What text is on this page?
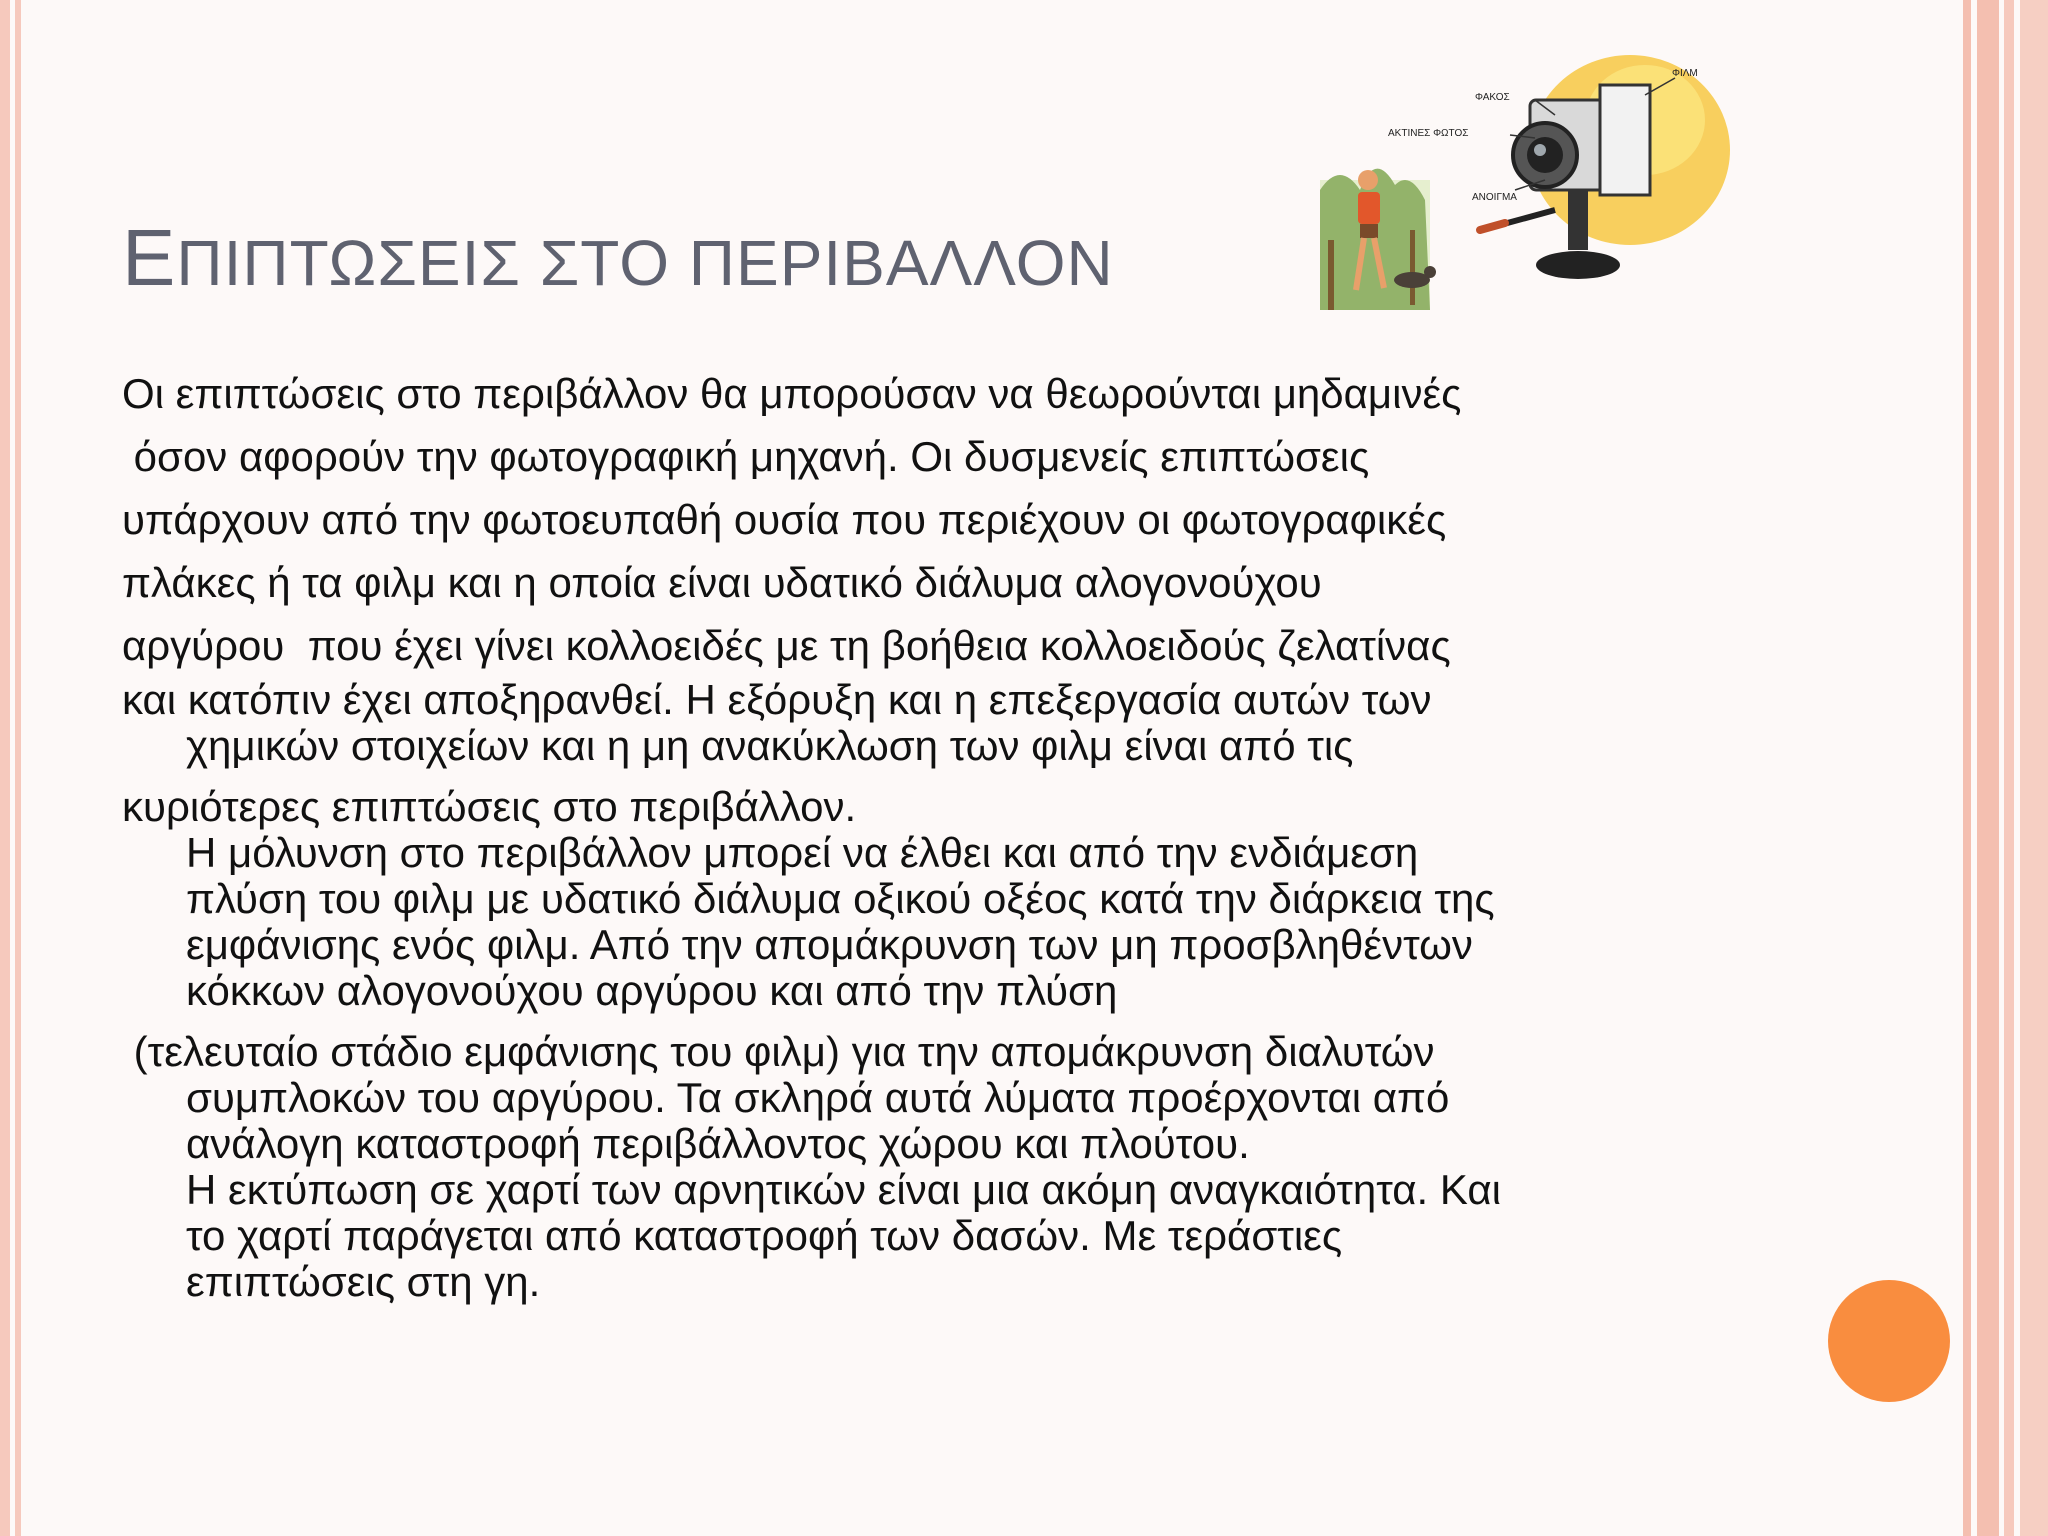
ΕΠΙΠΤΩΣΕΙΣ ΣΤΟ ΠΕΡΙΒΑΛΛΟΝ
ΦΑΚΟΣ
ΦΙΛΜ
ΑΚΤΙΝΕΣ ΦΩΤΟΣ
ΑΝΟΙΓΜΑ

Οι επιπτώσεις στο περιβάλλον θα μπορούσαν να θεωρούνται μηδαμινές

όσον αφορούν την φωτογραφική μηχανή. Οι δυσμενείς επιπτώσεις

υπάρχουν από την φωτοευπαθή ουσία που περιέχουν οι φωτογραφικές

πλάκες ή τα φιλμ και η οποία είναι υδατικό διάλυμα αλογονούχου

αργύρου  που έχει γίνει κολλοειδές με τη βοήθεια κολλοειδούς ζελατίνας

και κατόπιν έχει αποξηρανθεί. Η εξόρυξη και η επεξεργασία αυτών των

χημικών στοιχείων και η μη ανακύκλωση των φιλμ είναι από τις

κυριότερες επιπτώσεις στο περιβάλλον.

Η μόλυνση στο περιβάλλον μπορεί να έλθει και από την ενδιάμεση

πλύση του φιλμ με υδατικό διάλυμα οξικού οξέος κατά την διάρκεια της

εμφάνισης ενός φιλμ. Από την απομάκρυνση των μη προσβληθέντων

κόκκων αλογονούχου αργύρου και από την πλύση

(τελευταίο στάδιο εμφάνισης του φιλμ) για την απομάκρυνση διαλυτών

συμπλοκών του αργύρου. Τα σκληρά αυτά λύματα προέρχονται από

ανάλογη καταστροφή περιβάλλοντος χώρου και πλούτου.

Η εκτύπωση σε χαρτί των αρνητικών είναι μια ακόμη αναγκαιότητα. Και

το χαρτί παράγεται από καταστροφή των δασών. Με τεράστιες

επιπτώσεις στη γη.
